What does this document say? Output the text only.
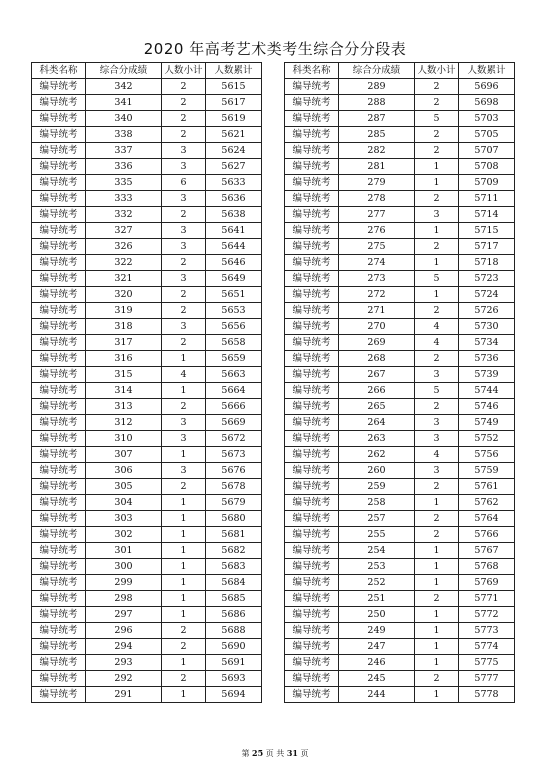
2020 年高考艺术类考生综合分分段表
科类名称	综合分成绩	人数小计	人数累计
编导统考	342	2	5615
编导统考	341	2	5617
编导统考	340	2	5619
编导统考	338	2	5621
编导统考	337	3	5624
编导统考	336	3	5627
编导统考	335	6	5633
编导统考	333	3	5636
编导统考	332	2	5638
编导统考	327	3	5641
编导统考	326	3	5644
编导统考	322	2	5646
编导统考	321	3	5649
编导统考	320	2	5651
编导统考	319	2	5653
编导统考	318	3	5656
编导统考	317	2	5658
编导统考	316	1	5659
编导统考	315	4	5663
编导统考	314	1	5664
编导统考	313	2	5666
编导统考	312	3	5669
编导统考	310	3	5672
编导统考	307	1	5673
编导统考	306	3	5676
编导统考	305	2	5678
编导统考	304	1	5679
编导统考	303	1	5680
编导统考	302	1	5681
编导统考	301	1	5682
编导统考	300	1	5683
编导统考	299	1	5684
编导统考	298	1	5685
编导统考	297	1	5686
编导统考	296	2	5688
编导统考	294	2	5690
编导统考	293	1	5691
编导统考	292	2	5693
编导统考	291	1	5694
科类名称	综合分成绩	人数小计	人数累计
编导统考	289	2	5696
编导统考	288	2	5698
编导统考	287	5	5703
编导统考	285	2	5705
编导统考	282	2	5707
编导统考	281	1	5708
编导统考	279	1	5709
编导统考	278	2	5711
编导统考	277	3	5714
编导统考	276	1	5715
编导统考	275	2	5717
编导统考	274	1	5718
编导统考	273	5	5723
编导统考	272	1	5724
编导统考	271	2	5726
编导统考	270	4	5730
编导统考	269	4	5734
编导统考	268	2	5736
编导统考	267	3	5739
编导统考	266	5	5744
编导统考	265	2	5746
编导统考	264	3	5749
编导统考	263	3	5752
编导统考	262	4	5756
编导统考	260	3	5759
编导统考	259	2	5761
编导统考	258	1	5762
编导统考	257	2	5764
编导统考	255	2	5766
编导统考	254	1	5767
编导统考	253	1	5768
编导统考	252	1	5769
编导统考	251	2	5771
编导统考	250	1	5772
编导统考	249	1	5773
编导统考	247	1	5774
编导统考	246	1	5775
编导统考	245	2	5777
编导统考	244	1	5778
第 25 页 共 31 页
